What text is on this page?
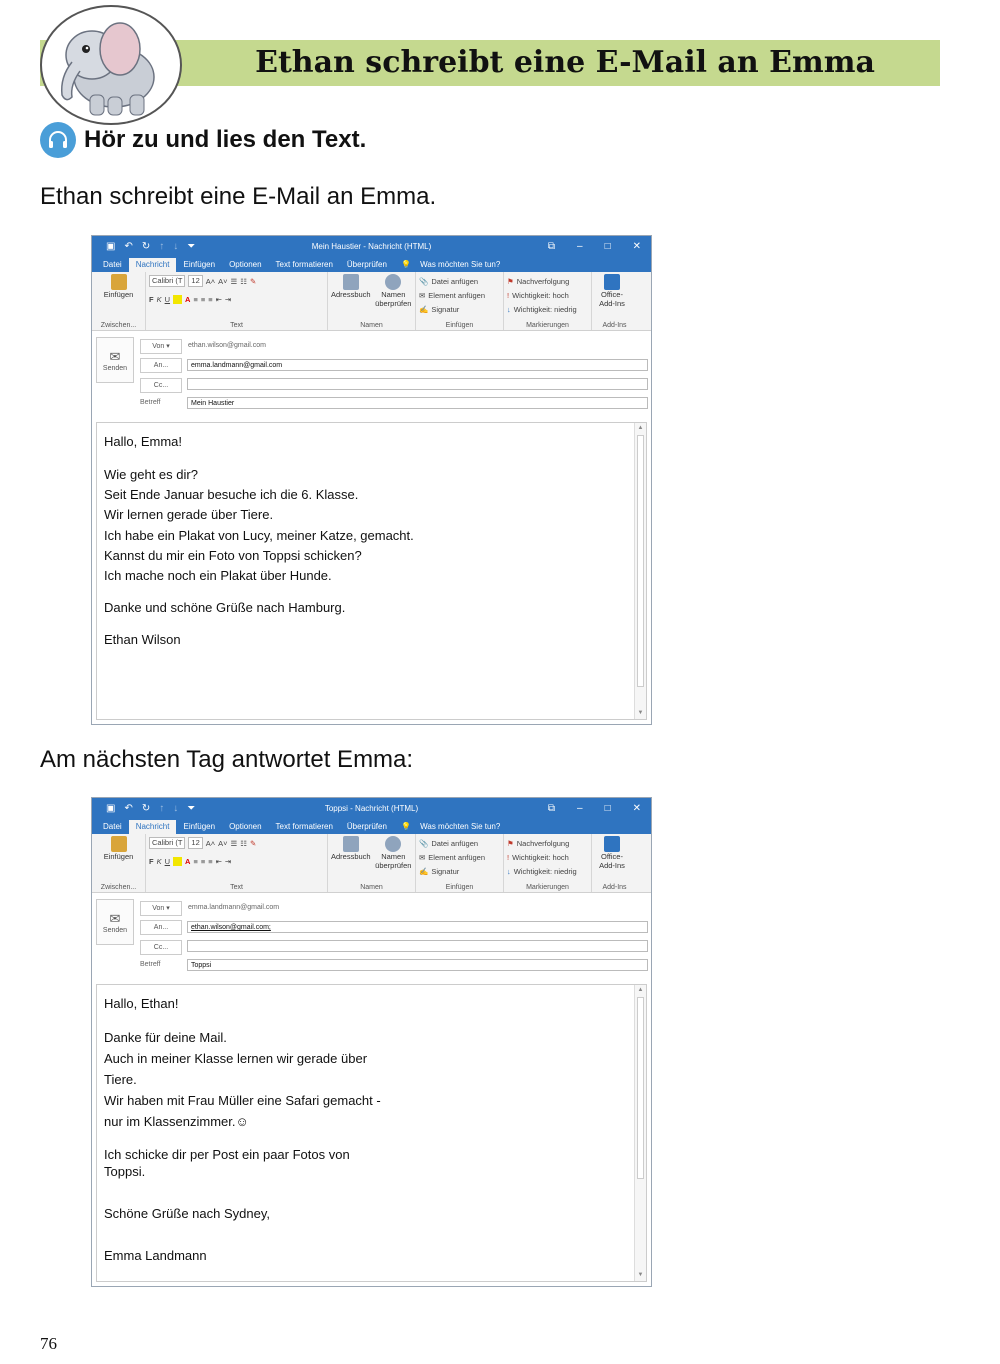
Ethan schreibt eine E-Mail an Emma
Hör zu und lies den Text.
Ethan schreibt eine E-Mail an Emma.
▣ ↶ ↻ ↑ ↓ ⏷	Mein Haustier - Nachricht (HTML)	⧉ – □ ✕
Datei	Nachricht	Einfügen	Optionen	Text formatieren	Überprüfen	💡 Was möchten Sie tun?
Einfügen
Zwischen...
Calibri (T	12 A˄ A˅ ☰ ☷ ✎
F K U A ≡ ≡ ≡ ⇤ ⇥
Text
Adressbuch	Namen überprüfen
Namen
📎 Datei anfügen
✉ Element anfügen
✍ Signatur
Einfügen
⚑ Nachverfolgung
! Wichtigkeit: hoch
↓ Wichtigkeit: niedrig
Markierungen
Office-Add-Ins
Add-Ins
✉
Senden
Von ▾	ethan.wilson@gmail.com
An...	emma.landmann@gmail.com
Cc...
Betreff	Mein Haustier
Hallo, Emma!
Wie geht es dir?
Seit Ende Januar besuche ich die 6. Klasse.
Wir lernen gerade über Tiere.
Ich habe ein Plakat von Lucy, meiner Katze, gemacht.
Kannst du mir ein Foto von Toppsi schicken?
Ich mache noch ein Plakat über Hunde.
Danke und schöne Grüße nach Hamburg.
Ethan Wilson
▲
▼
Am nächsten Tag antwortet Emma:
▣ ↶ ↻ ↑ ↓ ⏷	Toppsi - Nachricht (HTML)	⧉ – □ ✕
Datei	Nachricht	Einfügen	Optionen	Text formatieren	Überprüfen	💡 Was möchten Sie tun?
Einfügen
Zwischen...
Calibri (T	12 A˄ A˅ ☰ ☷ ✎
F K U A ≡ ≡ ≡ ⇤ ⇥
Text
Adressbuch	Namen überprüfen
Namen
📎 Datei anfügen
✉ Element anfügen
✍ Signatur
Einfügen
⚑ Nachverfolgung
! Wichtigkeit: hoch
↓ Wichtigkeit: niedrig
Markierungen
Office-Add-Ins
Add-Ins
✉
Senden
Von ▾	emma.landmann@gmail.com
An...	ethan.wilson@gmail.com;
Cc...
Betreff	Toppsi
Hallo, Ethan!
Danke für deine Mail.
Auch in meiner Klasse lernen wir gerade über
Tiere.
Wir haben mit Frau Müller eine Safari gemacht -
nur im Klassenzimmer.☺
Ich schicke dir per Post ein paar Fotos von
Toppsi.
Schöne Grüße nach Sydney,
Emma Landmann
▲
▼
76
